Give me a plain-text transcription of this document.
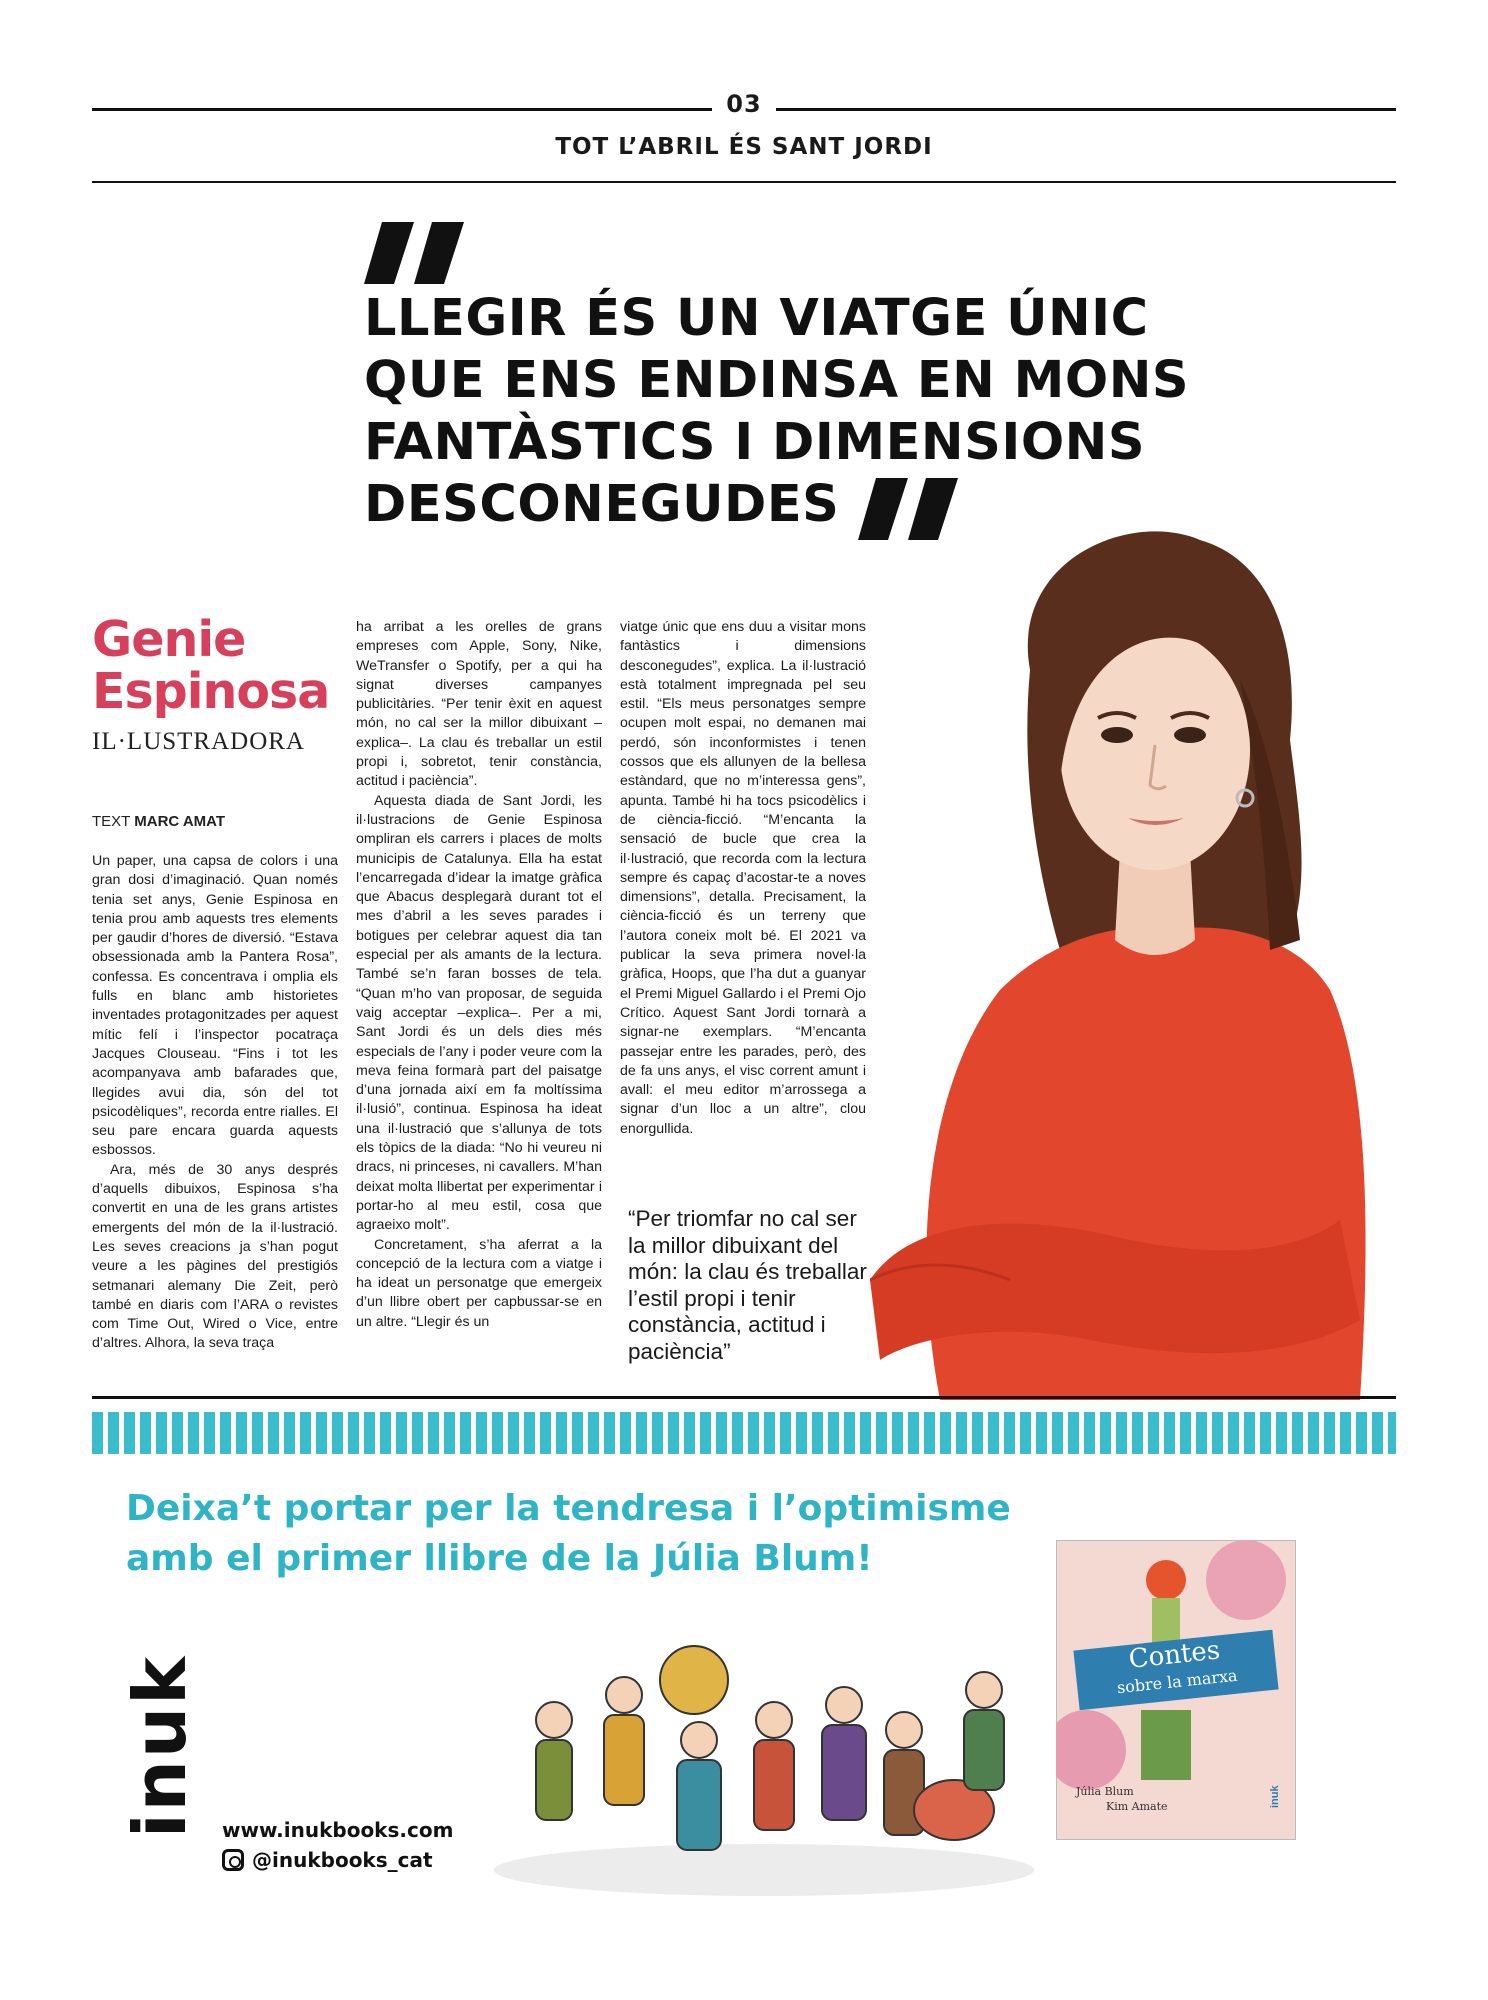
03
TOT L’ABRIL ÉS SANT JORDI
LLEGIR ÉS UN VIATGE ÚNIC QUE ENS ENDINSA EN MONS FANTÀSTICS I DIMENSIONS DESCONEGUDES
Genie Espinosa
IL·LUSTRADORA
TEXT MARC AMAT

Un paper, una capsa de colors i una gran dosi d’imaginació. Quan només tenia set anys, Genie Espinosa en tenia prou amb aquests tres elements per gaudir d’hores de diversió. “Estava obsessionada amb la Pantera Rosa”, confessa. Es concentrava i omplia els fulls en blanc amb historietes inventades protagonitzades per aquest mític felí i l’inspector pocatraça Jacques Clouseau. “Fins i tot les acompanyava amb bafarades que, llegides avui dia, són del tot psicodèliques”, recorda entre rialles. El seu pare encara guarda aquests esbossos.

Ara, més de 30 anys després d’aquells dibuixos, Espinosa s’ha convertit en una de les grans artistes emergents del món de la il·lustració. Les seves creacions ja s’han pogut veure a les pàgines del prestigiós setmanari alemany Die Zeit, però també en diaris com l’ARA o revistes com Time Out, Wired o Vice, entre d’altres. Alhora, la seva traça

ha arribat a les orelles de grans empreses com Apple, Sony, Nike, WeTransfer o Spotify, per a qui ha signat diverses campanyes publicitàries. “Per tenir èxit en aquest món, no cal ser la millor dibuixant –explica–. La clau és treballar un estil propi i, sobretot, tenir constància, actitud i paciència”.

Aquesta diada de Sant Jordi, les il·lustracions de Genie Espinosa ompliran els carrers i places de molts municipis de Catalunya. Ella ha estat l’encarregada d’idear la imatge gràfica que Abacus desplegarà durant tot el mes d’abril a les seves parades i botigues per celebrar aquest dia tan especial per als amants de la lectura. També se’n faran bosses de tela. “Quan m’ho van proposar, de seguida vaig acceptar –explica–. Per a mi, Sant Jordi és un dels dies més especials de l’any i poder veure com la meva feina formarà part del paisatge d’una jornada així em fa moltíssima il·lusió”, continua. Espinosa ha ideat una il·lustració que s’allunya de tots els tòpics de la diada: “No hi veureu ni dracs, ni princeses, ni cavallers. M’han deixat molta llibertat per experimentar i portar-ho al meu estil, cosa que agraeixo molt”.

Concretament, s’ha aferrat a la concepció de la lectura com a viatge i ha ideat un personatge que emergeix d’un llibre obert per capbussar-se en un altre. “Llegir és un

viatge únic que ens duu a visitar mons fantàstics i dimensions desconegudes”, explica. La il·lustració està totalment impregnada pel seu estil. “Els meus personatges sempre ocupen molt espai, no demanen mai perdó, són inconformistes i tenen cossos que els allunyen de la bellesa estàndard, que no m’interessa gens”, apunta. També hi ha tocs psicodèlics i de ciència-ficció. “M’encanta la sensació de bucle que crea la il·lustració, que recorda com la lectura sempre és capaç d’acostar-te a noves dimensions”, detalla. Precisament, la ciència-ficció és un terreny que l’autora coneix molt bé. El 2021 va publicar la seva primera novel·la gràfica, Hoops, que l’ha dut a guanyar el Premi Miguel Gallardo i el Premi Ojo Crítico. Aquest Sant Jordi tornarà a signar-ne exemplars. “M’encanta passejar entre les parades, però, des de fa uns anys, el visc corrent amunt i avall: el meu editor m’arrossega a signar d’un lloc a un altre”, clou enorgullida.

“Per triomfar no cal ser la millor dibuixant del món: la clau és treballar l’estil propi i tenir constància, actitud i paciència”
Deixa’t portar per la tendresa i l’optimisme
amb el primer llibre de la Júlia Blum!
inuk www.inukbooks.com
@inukbooks_cat
Contes
sobre la marxa
Júlia Blum
Kim Amate	inuk
